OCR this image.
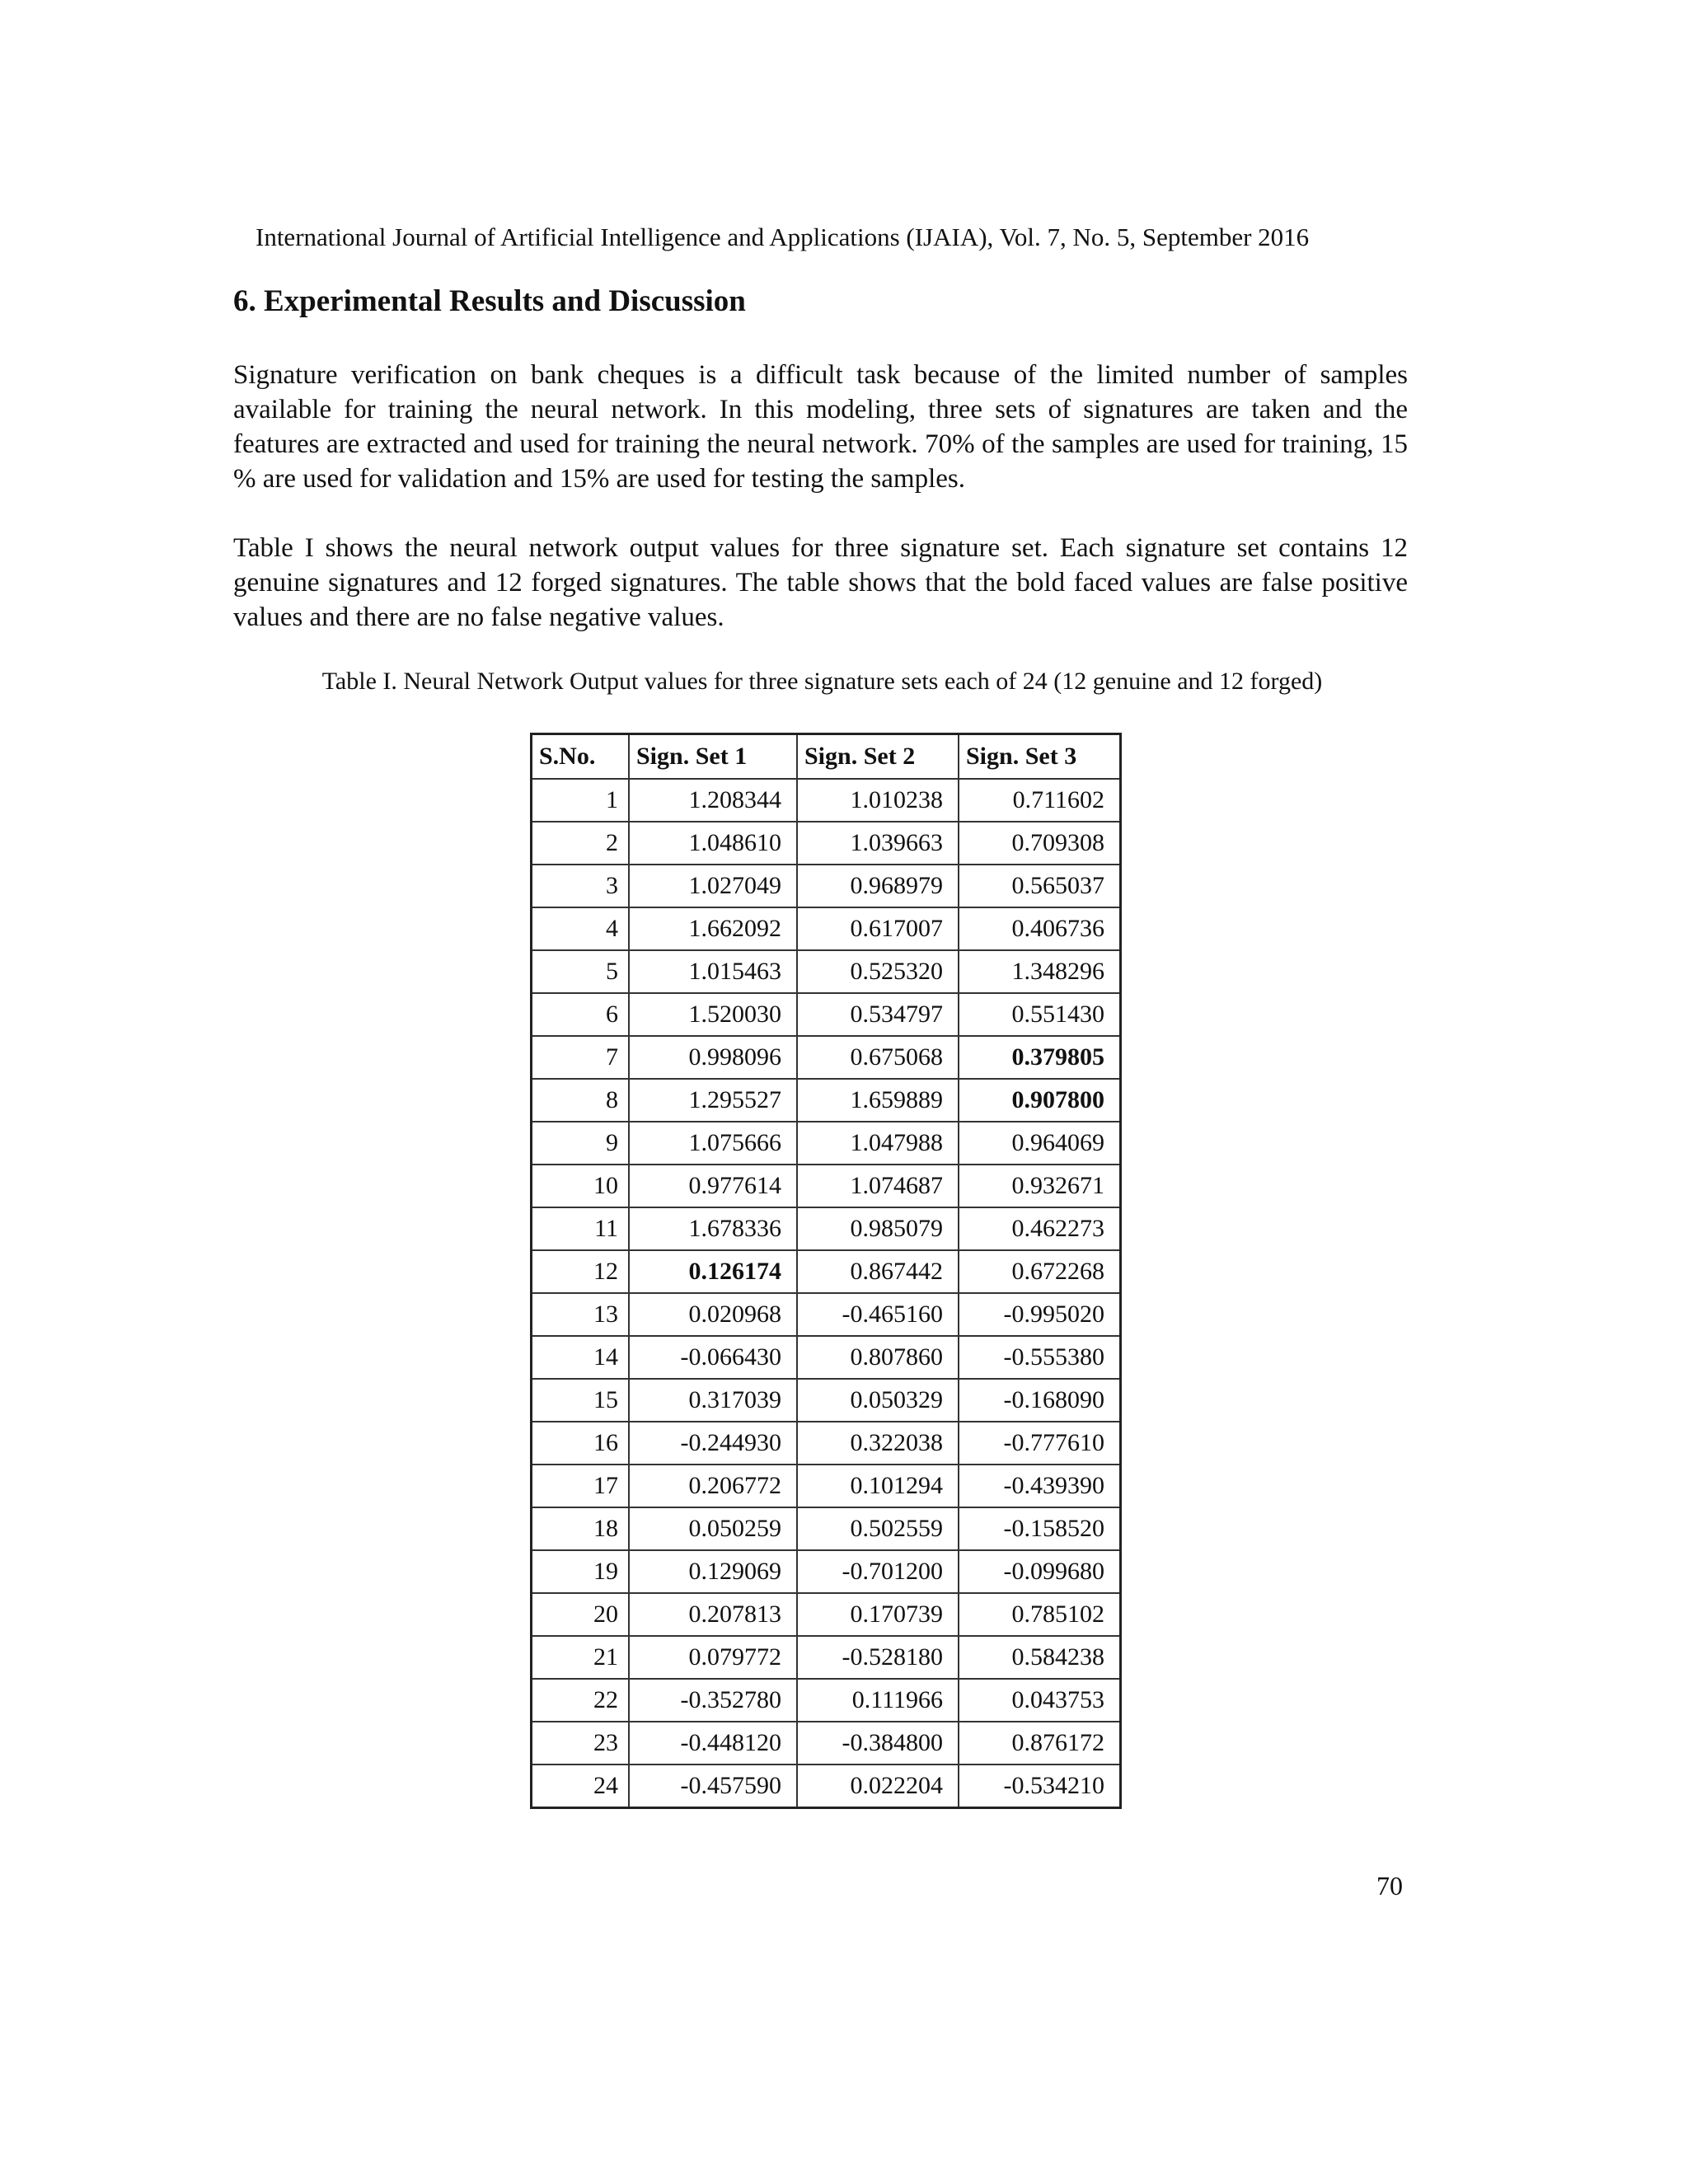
International Journal of Artificial Intelligence and Applications (IJAIA), Vol. 7, No. 5, September 2016
6. Experimental Results and Discussion

Signature verification on bank cheques is a difficult task because of the limited number of samples available for training the neural network. In this modeling, three sets of signatures are taken and the features are extracted and used for training the neural network. 70% of the samples are used for training, 15 % are used for validation and 15% are used for testing the samples.

Table I shows the neural network output values for three signature set. Each signature set contains 12 genuine signatures and 12 forged signatures. The table shows that the bold faced values are false positive values and there are no false negative values.

Table I. Neural Network Output values for three signature sets each of 24 (12 genuine and 12 forged)
S.No.	Sign. Set 1	Sign. Set 2	Sign. Set 3
1	1.208344	1.010238	0.711602
2	1.048610	1.039663	0.709308
3	1.027049	0.968979	0.565037
4	1.662092	0.617007	0.406736
5	1.015463	0.525320	1.348296
6	1.520030	0.534797	0.551430
7	0.998096	0.675068	0.379805
8	1.295527	1.659889	0.907800
9	1.075666	1.047988	0.964069
10	0.977614	1.074687	0.932671
11	1.678336	0.985079	0.462273
12	0.126174	0.867442	0.672268
13	0.020968	-0.465160	-0.995020
14	-0.066430	0.807860	-0.555380
15	0.317039	0.050329	-0.168090
16	-0.244930	0.322038	-0.777610
17	0.206772	0.101294	-0.439390
18	0.050259	0.502559	-0.158520
19	0.129069	-0.701200	-0.099680
20	0.207813	0.170739	0.785102
21	0.079772	-0.528180	0.584238
22	-0.352780	0.111966	0.043753
23	-0.448120	-0.384800	0.876172
24	-0.457590	0.022204	-0.534210
70
